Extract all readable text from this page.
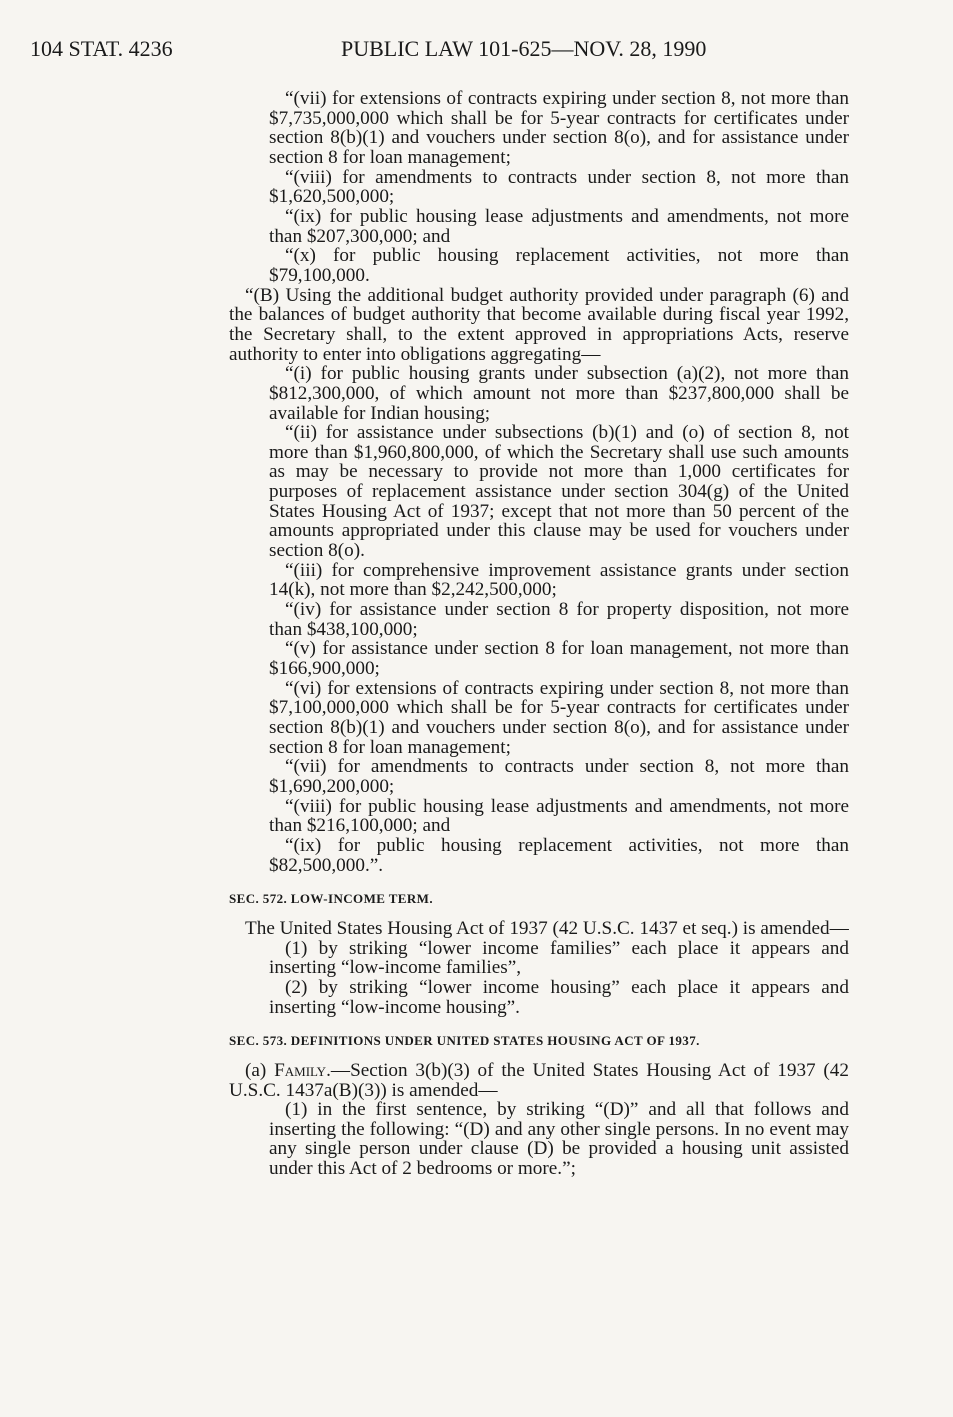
104 STAT. 4236	PUBLIC LAW 101-625—NOV. 28, 1990

“(vii) for extensions of contracts expiring under section 8, not more than $7,735,000,000 which shall be for 5-year contracts for certificates under section 8(b)(1) and vouchers under section 8(o), and for assistance under section 8 for loan management;

“(viii) for amendments to contracts under section 8, not more than $1,620,500,000;

“(ix) for public housing lease adjustments and amendments, not more than $207,300,000; and

“(x) for public housing replacement activities, not more than $79,100,000.

“(B) Using the additional budget authority provided under paragraph (6) and the balances of budget authority that become available during fiscal year 1992, the Secretary shall, to the extent approved in appropriations Acts, reserve authority to enter into obligations aggregating—

“(i) for public housing grants under subsection (a)(2), not more than $812,300,000, of which amount not more than $237,800,000 shall be available for Indian housing;

“(ii) for assistance under subsections (b)(1) and (o) of section 8, not more than $1,960,800,000, of which the Secretary shall use such amounts as may be necessary to provide not more than 1,000 certificates for purposes of replacement assistance under section 304(g) of the United States Housing Act of 1937; except that not more than 50 percent of the amounts appropriated under this clause may be used for vouchers under section 8(o).

“(iii) for comprehensive improvement assistance grants under section 14(k), not more than $2,242,500,000;

“(iv) for assistance under section 8 for property disposition, not more than $438,100,000;

“(v) for assistance under section 8 for loan management, not more than $166,900,000;

“(vi) for extensions of contracts expiring under section 8, not more than $7,100,000,000 which shall be for 5-year contracts for certificates under section 8(b)(1) and vouchers under section 8(o), and for assistance under section 8 for loan management;

“(vii) for amendments to contracts under section 8, not more than $1,690,200,000;

“(viii) for public housing lease adjustments and amendments, not more than $216,100,000; and

“(ix) for public housing replacement activities, not more than $82,500,000.”.

SEC. 572. LOW-INCOME TERM.

The United States Housing Act of 1937 (42 U.S.C. 1437 et seq.) is amended—

(1) by striking “lower income families” each place it appears and inserting “low-income families”,

(2) by striking “lower income housing” each place it appears and inserting “low-income housing”.

SEC. 573. DEFINITIONS UNDER UNITED STATES HOUSING ACT OF 1937.

(a) Family.—Section 3(b)(3) of the United States Housing Act of 1937 (42 U.S.C. 1437a(B)(3)) is amended—

(1) in the first sentence, by striking “(D)” and all that follows and inserting the following: “(D) and any other single persons. In no event may any single person under clause (D) be provided a housing unit assisted under this Act of 2 bedrooms or more.”;
